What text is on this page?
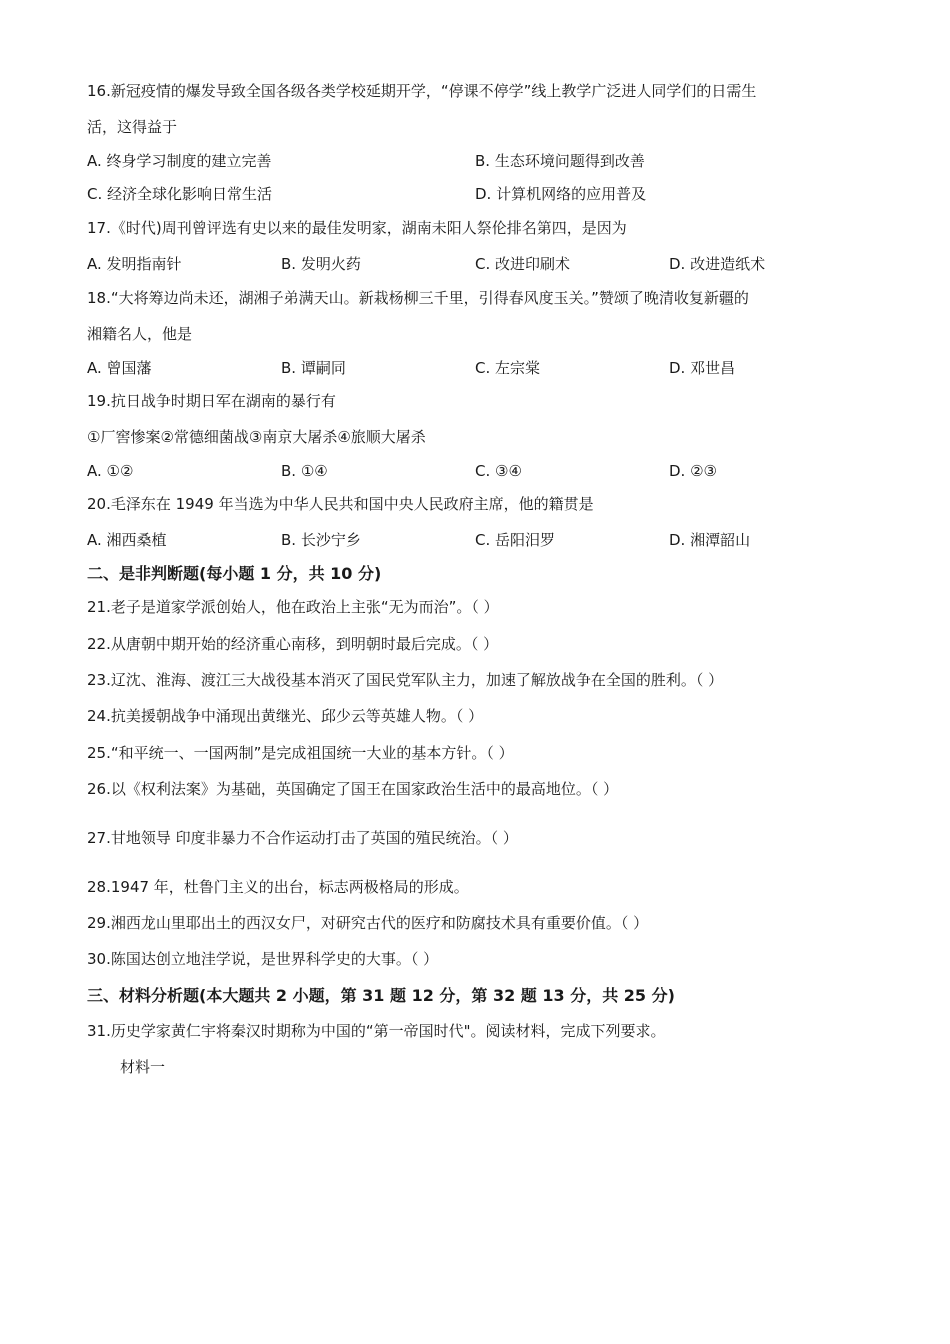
16.新冠疫情的爆发导致全国各级各类学校延期开学，“停课不停学”线上教学广泛进人同学们的日需生
活，这得益于
A. 终身学习制度的建立完善	B. 生态环境问题得到改善
C. 经济全球化影响日常生活	D. 计算机网络的应用普及
17.《时代)周刊曾评选有史以来的最佳发明家，湖南未阳人祭伦排名第四，是因为
A. 发明指南针	B. 发明火药	C. 改进印刷术	D. 改进造纸术
18.“大将筹边尚未还，湖湘子弟满天山。新栽杨柳三千里，引得春风度玉关。”赞颂了晚清收复新疆的
湘籍名人，他是
A. 曾国藩	B. 谭嗣同	C. 左宗棠	D. 邓世昌
19.抗日战争时期日军在湖南的暴行有
①厂窖惨案②常德细菌战③南京大屠杀④旅顺大屠杀
A. ①②	B. ①④	C. ③④	D. ②③
20.毛泽东在 1949 年当选为中华人民共和国中央人民政府主席，他的籍贯是
A. 湘西桑植	B. 长沙宁乡	C. 岳阳汨罗	D. 湘潭韶山
二、是非判断题(每小题 1 分，共 10 分)
21.老子是道家学派创始人，他在政治上主张“无为而治”。（ ）
22.从唐朝中期开始的经济重心南移，到明朝时最后完成。（ ）
23.辽沈、淮海、渡江三大战役基本消灭了国民党军队主力，加速了解放战争在全国的胜利。（ ）
24.抗美援朝战争中涌现出黄继光、邱少云等英雄人物。（ ）
25.“和平统一、一国两制”是完成祖国统一大业的基本方针。（ ）
26.以《权利法案》为基础，英国确定了国王在国家政治生活中的最高地位。（ ）
27.甘地领导 印度非暴力不合作运动打击了英国的殖民统治。（ ）
28.1947 年，杜鲁门主义的出台，标志两极格局的形成。
29.湘西龙山里耶出土的西汉女尸，对研究古代的医疗和防腐技术具有重要价值。（ ）
30.陈国达创立地洼学说，是世界科学史的大事。（ ）
三、材料分析题(本大题共 2 小题，第 31 题 12 分，第 32 题 13 分，共 25 分)
31.历史学家黄仁宇将秦汉时期称为中国的“第一帝国时代"。阅读材料，完成下列要求。
材料一
